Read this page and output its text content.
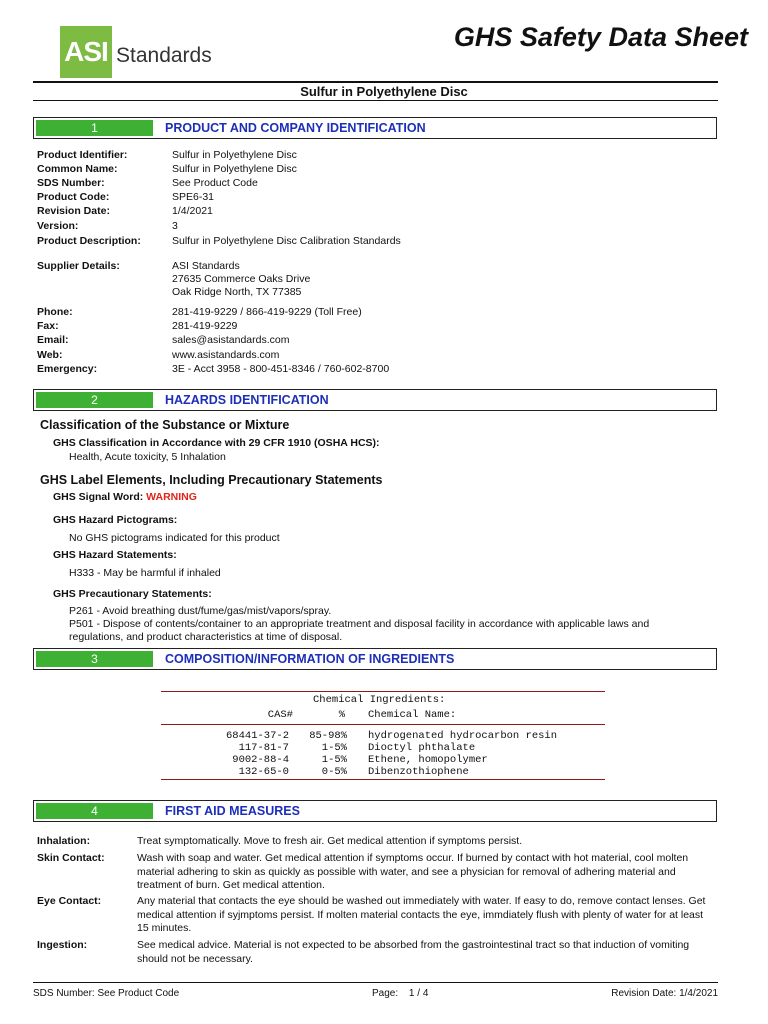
ASI Standards
GHS Safety Data Sheet
Sulfur in Polyethylene Disc
1	PRODUCT AND COMPANY IDENTIFICATION
Product Identifier:	Sulfur in Polyethylene Disc
Common Name:	Sulfur in Polyethylene Disc
SDS Number:	See Product Code
Product Code:	SPE6-31
Revision Date:	1/4/2021
Version:	3
Product Description:	Sulfur in Polyethylene Disc Calibration Standards
Supplier Details:	ASI Standards
27635 Commerce Oaks Drive
Oak Ridge North, TX 77385
Phone:	281-419-9229 / 866-419-9229 (Toll Free)
Fax:	281-419-9229
Email:	sales@asistandards.com
Web:	www.asistandards.com
Emergency:	3E - Acct 3958 - 800-451-8346 / 760-602-8700
2	HAZARDS IDENTIFICATION
Classification of the Substance or Mixture
GHS Classification in Accordance with 29 CFR 1910 (OSHA HCS):
Health, Acute toxicity, 5 Inhalation
GHS Label Elements, Including Precautionary Statements
GHS Signal Word: WARNING
GHS Hazard Pictograms:
No GHS pictograms indicated for this product
GHS Hazard Statements:
H333 - May be harmful if inhaled
GHS Precautionary Statements:
P261 - Avoid breathing dust/fume/gas/mist/vapors/spray.
P501 - Dispose of contents/container to an appropriate treatment and disposal facility in accordance with applicable laws and
regulations, and product characteristics at time of disposal.
3	COMPOSITION/INFORMATION OF INGREDIENTS
Chemical Ingredients:
CAS#	% Chemical Name:
68441-37-2 85-98% hydrogenated hydrocarbon resin
117-81-7	1-5% Dioctyl phthalate
9002-88-4	1-5% Ethene, homopolymer
132-65-0	0-5% Dibenzothiophene
4	FIRST AID MEASURES
Inhalation:	Treat symptomatically. Move to fresh air. Get medical attention if symptoms persist.
Skin Contact:	Wash with soap and water. Get medical attention if symptoms occur. If burned by contact with hot material, cool molten material adhering to skin as quickly as possible with water, and see a physician for removal of adhering material and treatment of burn. Get medical attention.
Eye Contact:	Any material that contacts the eye should be washed out immediately with water. If easy to do, remove contact lenses. Get medical attention if syjmptoms persist. If molten material contacts the eye, immdiately flush with plenty of water for at least 15 minutes.
Ingestion:	See medical advice. Material is not expected to be absorbed from the gastrointestinal tract so that induction of vomiting should not be necessary.
SDS Number: See Product Code	Page: 1 / 4	Revision Date: 1/4/2021
